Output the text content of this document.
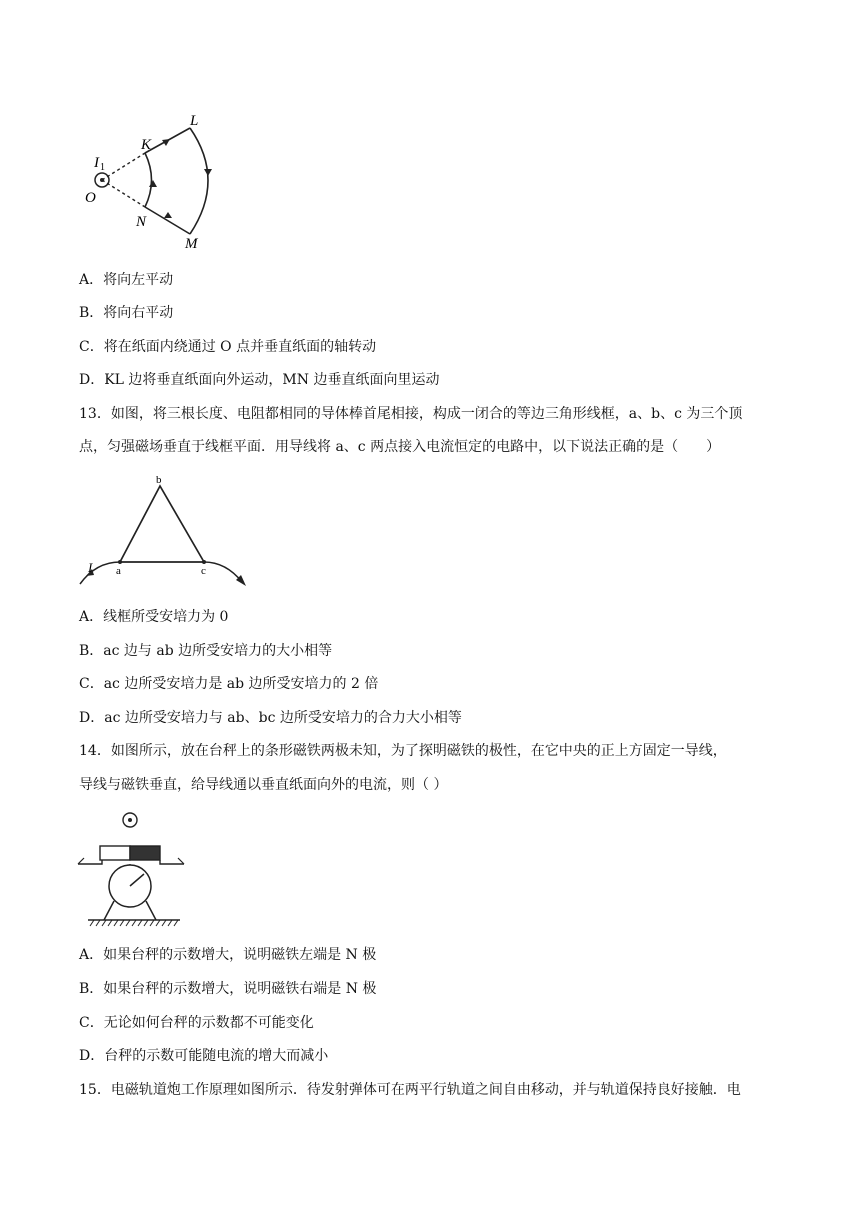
I 1
O
K
L
N
M
A．将向左平动
B．将向右平动
C．将在纸面内绕通过 O 点并垂直纸面的轴转动
D．KL 边将垂直纸面向外运动，MN 边垂直纸面向里运动
13．如图，将三根长度、电阻都相同的导体棒首尾相接，构成一闭合的等边三角形线框，a、b、c 为三个顶
点，匀强磁场垂直于线框平面．用导线将 a、c 两点接入电流恒定的电路中，以下说法正确的是（　　）
b
a	c
I
A．线框所受安培力为 0
B．ac 边与 ab 边所受安培力的大小相等
C．ac 边所受安培力是 ab 边所受安培力的 2 倍
D．ac 边所受安培力与 ab、bc 边所受安培力的合力大小相等
14．如图所示，放在台秤上的条形磁铁两极未知，为了探明磁铁的极性，在它中央的正上方固定一导线，
导线与磁铁垂直，给导线通以垂直纸面向外的电流，则（ ）
A．如果台秤的示数增大，说明磁铁左端是 N 极
B．如果台秤的示数增大，说明磁铁右端是 N 极
C．无论如何台秤的示数都不可能变化
D．台秤的示数可能随电流的增大而减小
15．电磁轨道炮工作原理如图所示．待发射弹体可在两平行轨道之间自由移动，并与轨道保持良好接触．电
